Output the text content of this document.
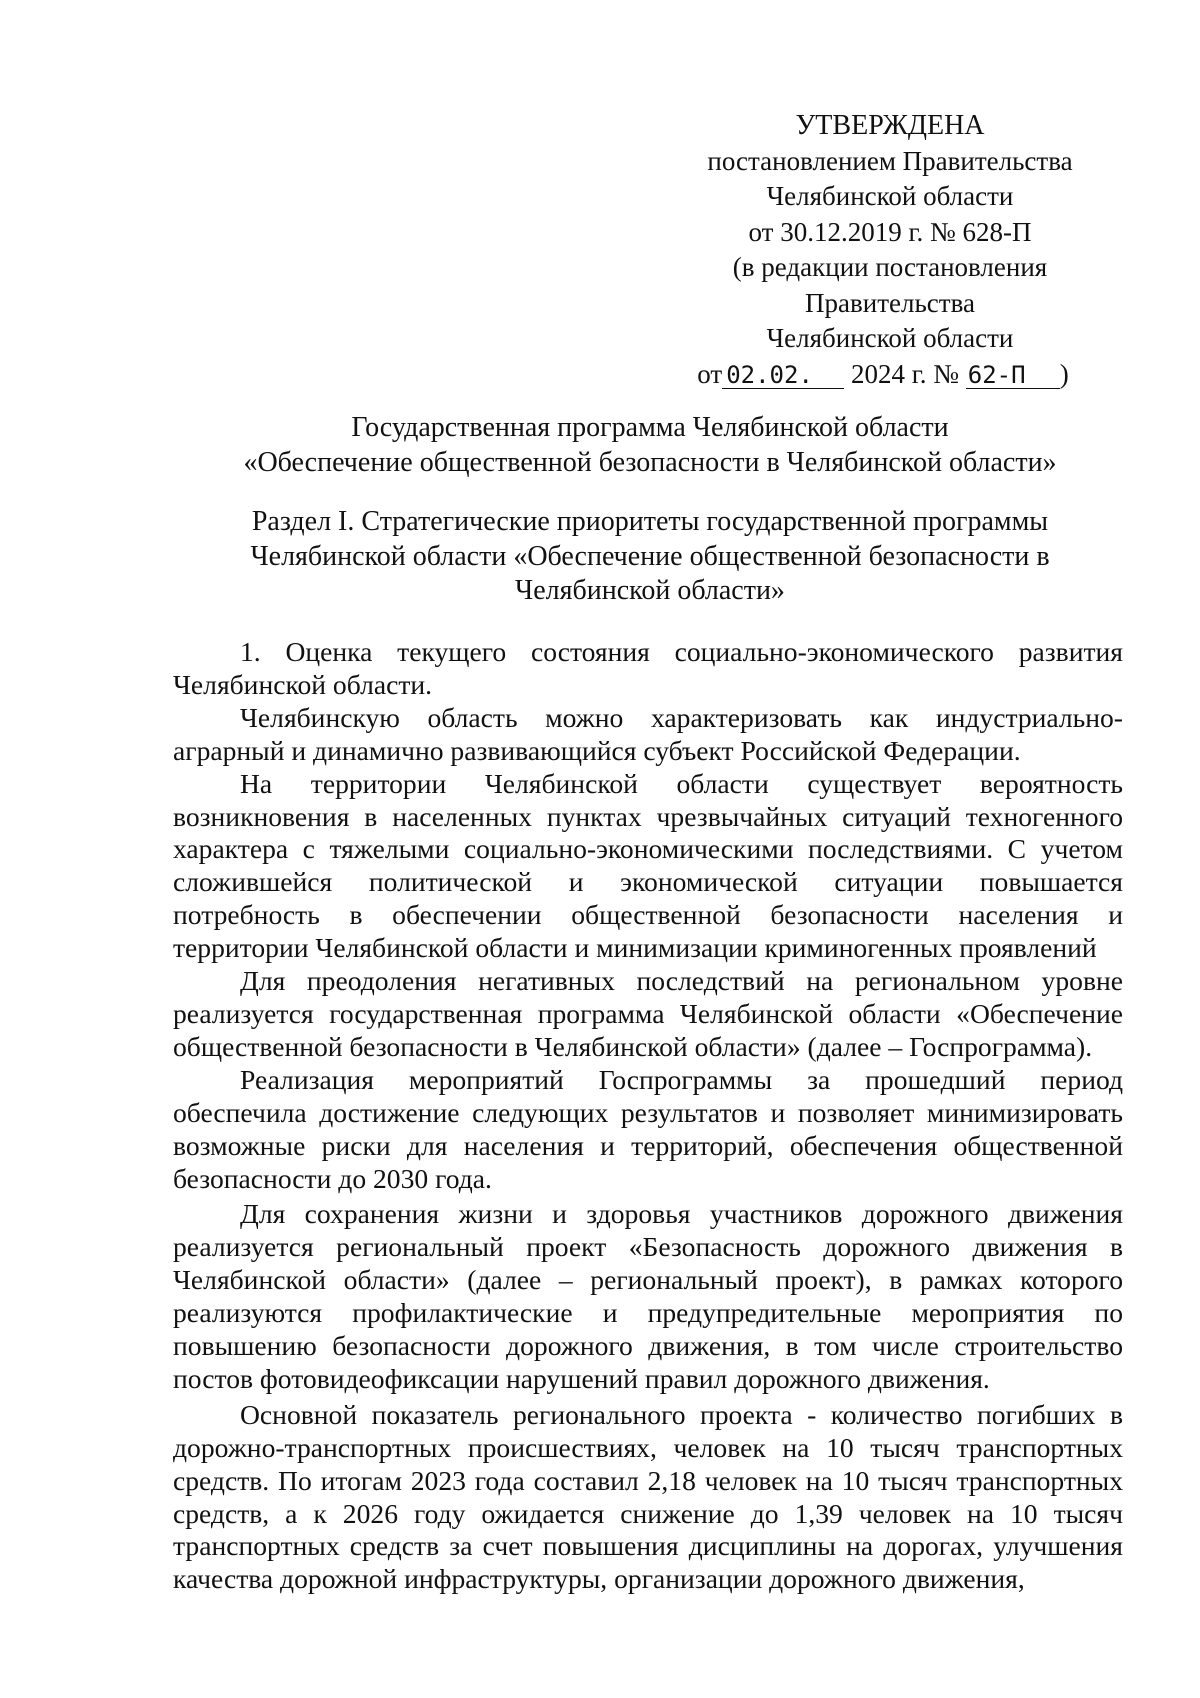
УТВЕРЖДЕНА
постановлением Правительства
Челябинской области
от 30.12.2019 г. № 628-П
(в редакции постановления
Правительства
Челябинской области
от 02.02. 2024 г. № 62-П )
Государственная программа Челябинской области
«Обеспечение общественной безопасности в Челябинской области»
Раздел I. Стратегические приоритеты государственной программы
Челябинской области «Обеспечение общественной безопасности в
Челябинской области»

1. Оценка текущего состояния социально-экономического развития Челябинской области.

Челябинскую область можно характеризовать как индустриально-аграрный и динамично развивающийся субъект Российской Федерации.

На территории Челябинской области существует вероятность возникновения в населенных пунктах чрезвычайных ситуаций техногенного характера с тяжелыми социально-экономическими последствиями. С учетом сложившейся политической и экономической ситуации повышается потребность в обеспечении общественной безопасности населения и территории Челябинской области и минимизации криминогенных проявлений

Для преодоления негативных последствий на региональном уровне реализуется государственная программа Челябинской области «Обеспечение общественной безопасности в Челябинской области» (далее – Госпрограмма).

Реализация мероприятий Госпрограммы за прошедший период обеспечила достижение следующих результатов и позволяет минимизировать возможные риски для населения и территорий, обеспечения общественной безопасности до 2030 года.

Для сохранения жизни и здоровья участников дорожного движения реализуется региональный проект «Безопасность дорожного движения в Челябинской области» (далее – региональный проект), в рамках которого реализуются профилактические и предупредительные мероприятия по повышению безопасности дорожного движения, в том числе строительство постов фотовидеофиксации нарушений правил дорожного движения.

Основной показатель регионального проекта - количество погибших в дорожно-транспортных происшествиях, человек на 10 тысяч транспортных средств. По итогам 2023 года составил 2,18 человек на 10 тысяч транспортных средств, а к 2026 году ожидается снижение до 1,39 человек на 10 тысяч транспортных средств за счет повышения дисциплины на дорогах, улучшения качества дорожной инфраструктуры, организации дорожного движения,
